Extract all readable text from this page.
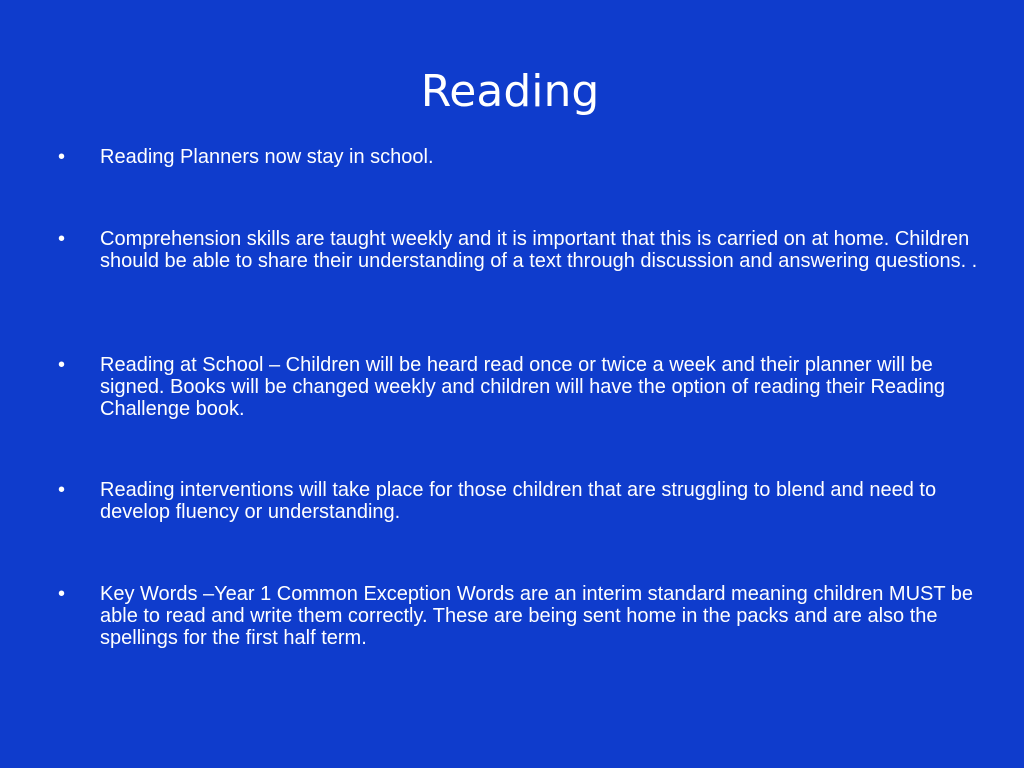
Reading
•	Reading Planners now stay in school.
•	Comprehension skills are taught weekly and it is important that this is carried on at home. Children should be able to share their understanding of a text through discussion and answering questions. .
•	Reading at School – Children will be heard read once or twice a week and their planner will be signed. Books will be changed weekly and children will have the option of reading their Reading Challenge book.
•	Reading interventions will take place for those children that are struggling to blend and need to develop fluency or understanding.
•	Key Words –Year 1 Common Exception Words are an interim standard meaning children MUST be able to read and write them correctly. These are being sent home in the packs and are also the spellings for the first half term.
